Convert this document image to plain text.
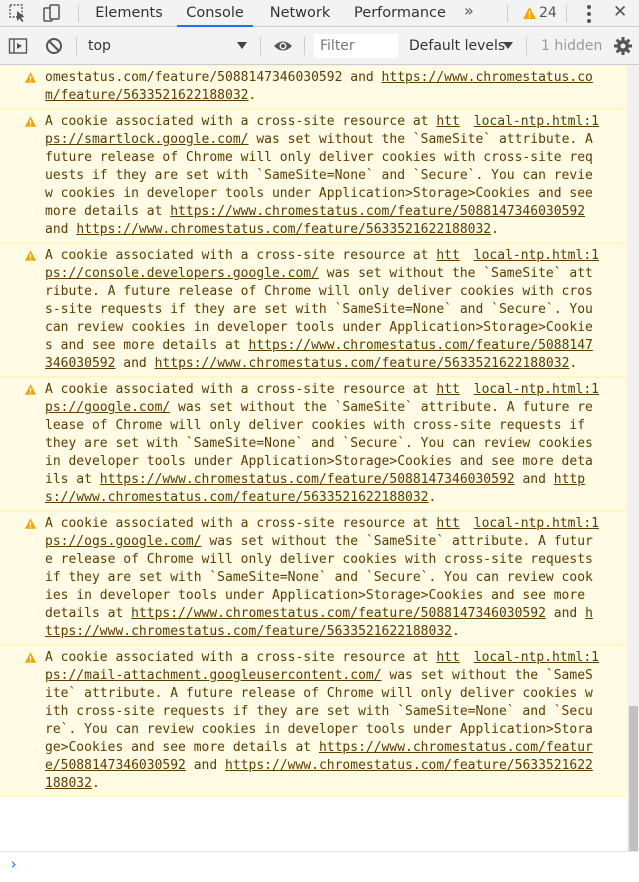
Elements	Console	Network	Performance »	24	✕
top
Filter	Default levels	1 hidden
omestatus.com/feature/5088147346030592 and https://www.chromestatus.com/feature/5633521622188032.
local-ntp.html:1
A cookie associated with a cross-site resource at https://smartlock.google.com/ was set without the `SameSite` attribute. A future release of Chrome will only deliver cookies with cross-site requests if they are set with `SameSite=None` and `Secure`. You can review cookies in developer tools under Application>Storage>Cookies and see more details at https://www.chromestatus.com/feature/5088147346030592 and https://www.chromestatus.com/feature/5633521622188032.
local-ntp.html:1
A cookie associated with a cross-site resource at https://console.developers.google.com/ was set without the `SameSite` attribute. A future release of Chrome will only deliver cookies with cross-site requests if they are set with `SameSite=None` and `Secure`. You can review cookies in developer tools under Application>Storage>Cookies and see more details at https://www.chromestatus.com/feature/5088147346030592 and https://www.chromestatus.com/feature/5633521622188032.
local-ntp.html:1
A cookie associated with a cross-site resource at https://google.com/ was set without the `SameSite` attribute. A future release of Chrome will only deliver cookies with cross-site requests if they are set with `SameSite=None` and `Secure`. You can review cookies in developer tools under Application>Storage>Cookies and see more details at https://www.chromestatus.com/feature/5088147346030592 and https://www.chromestatus.com/feature/5633521622188032.
local-ntp.html:1
A cookie associated with a cross-site resource at https://ogs.google.com/ was set without the `SameSite` attribute. A future release of Chrome will only deliver cookies with cross-site requests if they are set with `SameSite=None` and `Secure`. You can review cookies in developer tools under Application>Storage>Cookies and see more details at https://www.chromestatus.com/feature/5088147346030592 and https://www.chromestatus.com/feature/5633521622188032.
local-ntp.html:1
A cookie associated with a cross-site resource at https://mail-attachment.googleusercontent.com/ was set without the `SameSite` attribute. A future release of Chrome will only deliver cookies with cross-site requests if they are set with `SameSite=None` and `Secure`. You can review cookies in developer tools under Application>Storage>Cookies and see more details at https://www.chromestatus.com/feature/5088147346030592 and https://www.chromestatus.com/feature/5633521622188032.
›
